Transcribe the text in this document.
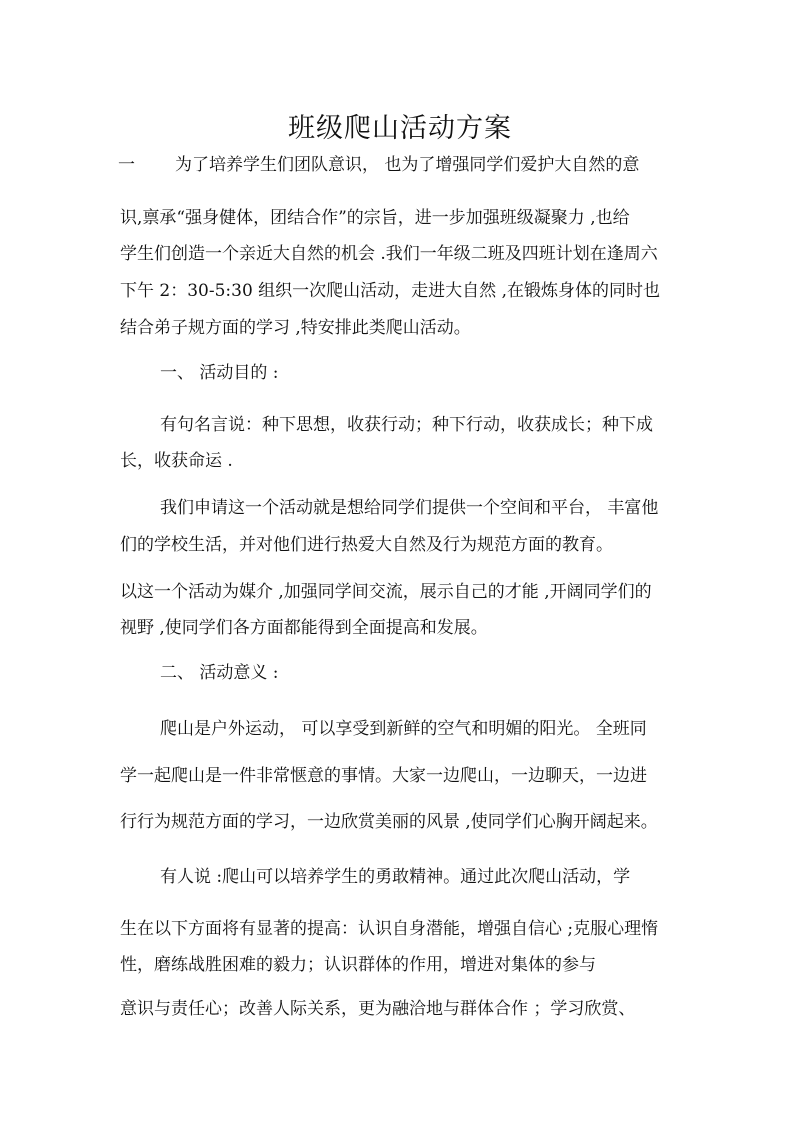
班级爬山活动方案
一 为了培养学生们团队意识， 也为了增强同学们爱护大自然的意
识,禀承“强身健体，团结合作”的宗旨，进一步加强班级凝聚力 ,也给
学生们创造一个亲近大自然的机会 .我们一年级二班及四班计划在逢周六
下午 2：30-5:30 组织一次爬山活动，走进大自然 ,在锻炼身体的同时也
结合弟子规方面的学习 ,特安排此类爬山活动。
一、 活动目的 :
有句名言说：种下思想，收获行动；种下行动，收获成长；种下成
长，收获命运 .
我们申请这一个活动就是想给同学们提供一个空间和平台， 丰富他
们的学校生活，并对他们进行热爱大自然及行为规范方面的教育。
以这一个活动为媒介 ,加强同学间交流，展示自己的才能 ,开阔同学们的
视野 ,使同学们各方面都能得到全面提高和发展。
二、 活动意义 :
爬山是户外运动， 可以享受到新鲜的空气和明媚的阳光。 全班同
学一起爬山是一件非常惬意的事情。大家一边爬山，一边聊天，一边进
行行为规范方面的学习，一边欣赏美丽的风景 ,使同学们心胸开阔起来。
有人说 :爬山可以培养学生的勇敢精神。通过此次爬山活动，学
生在以下方面将有显著的提高：认识自身潜能，增强自信心 ;克服心理惰
性，磨练战胜困难的毅力；认识群体的作用，增进对集体的参与
意识与责任心；改善人际关系，更为融洽地与群体合作 ；学习欣赏、
